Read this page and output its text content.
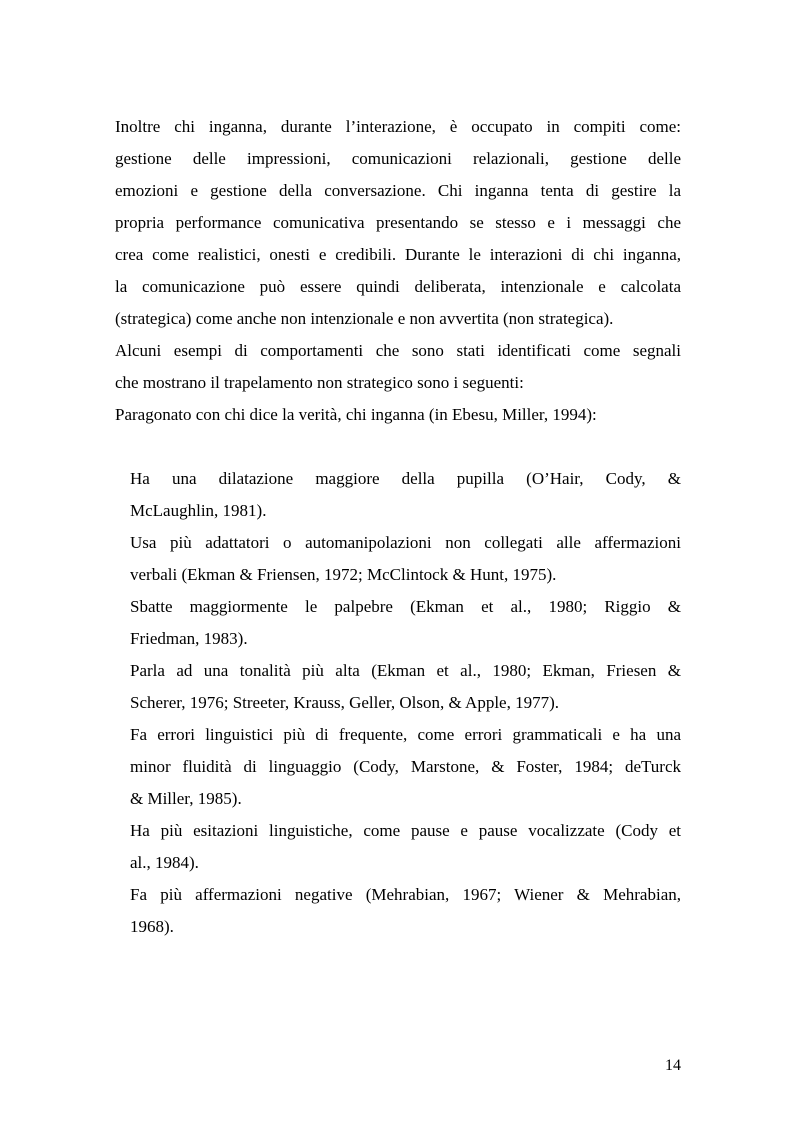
Inoltre chi inganna, durante l’interazione, è occupato in compiti come:
gestione delle impressioni, comunicazioni relazionali, gestione delle
emozioni e gestione della conversazione. Chi inganna tenta di gestire la
propria performance comunicativa presentando se stesso e i messaggi che
crea come realistici, onesti e credibili. Durante le interazioni di chi inganna,
la comunicazione può essere quindi deliberata, intenzionale e calcolata
(strategica) come anche non intenzionale e non avvertita (non strategica).
Alcuni esempi di comportamenti che sono stati identificati come segnali
che mostrano il trapelamento non strategico sono i seguenti:
Paragonato con chi dice la verità, chi inganna (in Ebesu, Miller, 1994):
Ha una dilatazione maggiore della pupilla (O’Hair, Cody, &
McLaughlin, 1981).
Usa più adattatori o automanipolazioni non collegati alle affermazioni
verbali (Ekman & Friensen, 1972; McClintock & Hunt, 1975).
Sbatte maggiormente le palpebre (Ekman et al., 1980; Riggio &
Friedman, 1983).
Parla ad una tonalità più alta (Ekman et al., 1980; Ekman, Friesen &
Scherer, 1976; Streeter, Krauss, Geller, Olson, & Apple, 1977).
Fa errori linguistici più di frequente, come errori grammaticali e ha una
minor fluidità di linguaggio (Cody, Marstone, & Foster, 1984; deTurck
& Miller, 1985).
Ha più esitazioni linguistiche, come pause e pause vocalizzate (Cody et
al., 1984).
Fa più affermazioni negative (Mehrabian, 1967; Wiener & Mehrabian,
1968).
14
